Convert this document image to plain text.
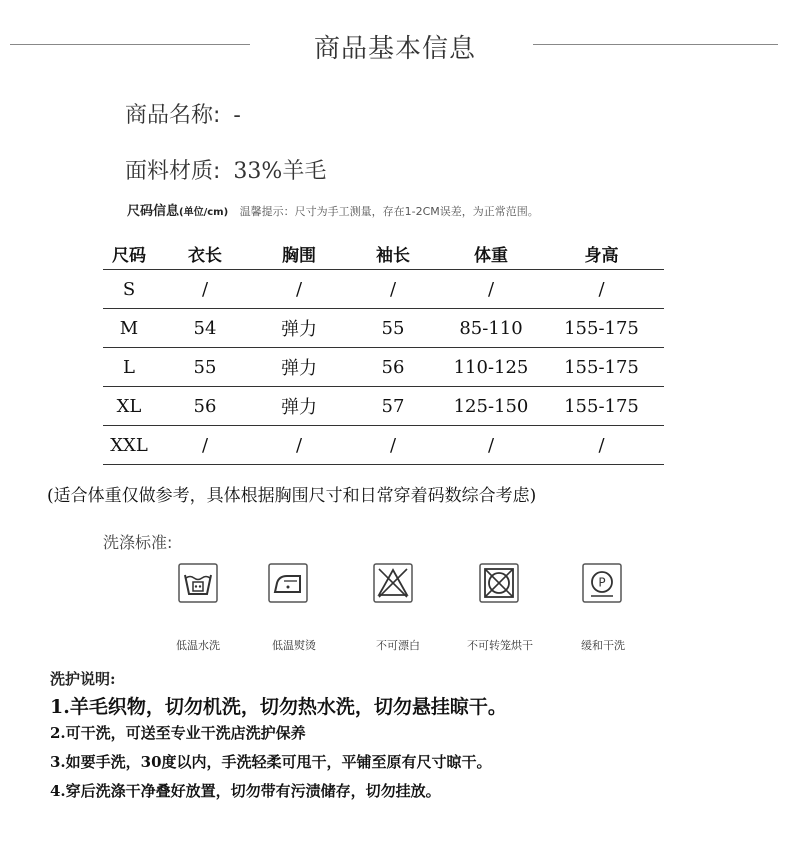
商品基本信息
商品名称: -
面料材质: 33%羊毛
尺码信息(单位/cm) 温馨提示：尺寸为手工测量，存在1-2CM误差，为正常范围。
尺码	衣长	胸围	袖长	体重	身高
S	/	/	/	/	/
M	54	弹力	55	85-110	155-175
L	55	弹力	56	110-125	155-175
XL	56	弹力	57	125-150	155-175
XXL	/	/	/	/	/
(适合体重仅做参考，具体根据胸围尺寸和日常穿着码数综合考虑)
洗涤标准:
P
低温水洗	低温熨烫	不可漂白	不可转笼烘干	缓和干洗
洗护说明:
1.羊毛织物，切勿机洗，切勿热水洗，切勿悬挂晾干。
2.可干洗，可送至专业干洗店洗护保养
3.如要手洗，30度以内，手洗轻柔可甩干，平铺至原有尺寸晾干。
4.穿后洗涤干净叠好放置，切勿带有污渍储存，切勿挂放。
